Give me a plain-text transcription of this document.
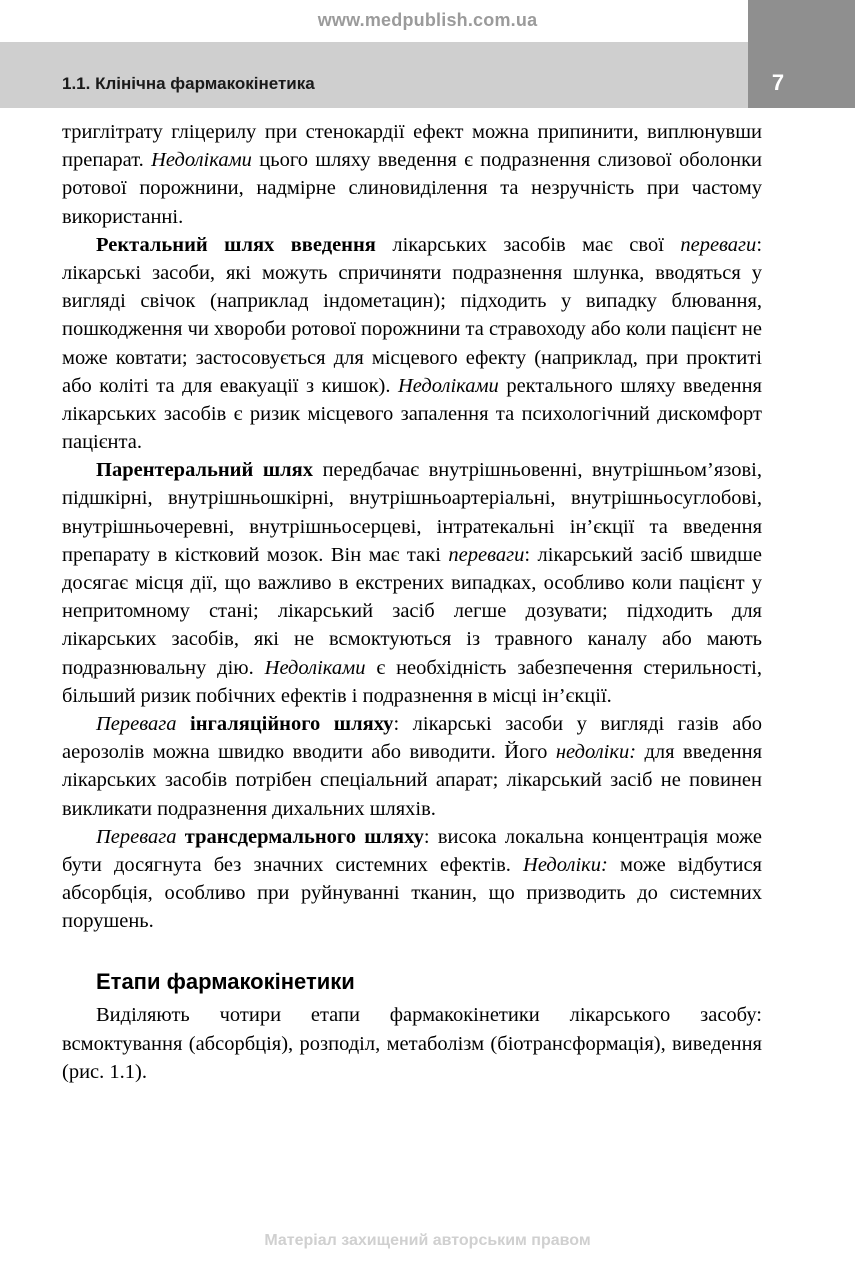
www.medpublish.com.ua
1.1. Клінічна фармакокінетика	7

триглітрату гліцерилу при стенокардії ефект можна припинити, виплюнувши препарат. Недоліками цього шляху введення є подразнення слизової оболонки ротової порожнини, надмірне слиновиділення та незручність при частому використанні.

Ректальний шлях введення лікарських засобів має свої переваги: лікарські засоби, які можуть спричиняти подразнення шлунка, вводяться у вигляді свічок (наприклад індометацин); підходить у випадку блювання, пошкодження чи хвороби ротової порожнини та стравоходу або коли пацієнт не може ковтати; застосовується для місцевого ефекту (наприклад, при проктиті або коліті та для евакуації з кишок). Недоліками ректального шляху введення лікарських засобів є ризик місцевого запалення та психологічний дискомфорт пацієнта.

Парентеральний шлях передбачає внутрішньовенні, внутрішньом’язові, підшкірні, внутрішньошкірні, внутрішньоартеріальні, внутрішньосуглобові, внутрішньочеревні, внутрішньосерцеві, інтратекальні ін’єкції та введення препарату в кістковий мозок. Він має такі переваги: лікарський засіб швидше досягає місця дії, що важливо в екстрених випадках, особливо коли пацієнт у непритомному стані; лікарський засіб легше дозувати; підходить для лікарських засобів, які не всмоктуються із травного каналу або мають подразнювальну дію. Недоліками є необхідність забезпечення стерильності, більший ризик побічних ефектів і подразнення в місці ін’єкції.

Перевага інгаляційного шляху: лікарські засоби у вигляді газів або аерозолів можна швидко вводити або виводити. Його недоліки: для введення лікарських засобів потрібен спеціальний апарат; лікарський засіб не повинен викликати подразнення дихальних шляхів.

Перевага трансдермального шляху: висока локальна концентрація може бути досягнута без значних системних ефектів. Недоліки: може відбутися абсорбція, особливо при руйнуванні тканин, що призводить до системних порушень.

Етапи фармакокінетики

Виділяють чотири етапи фармакокінетики лікарського засобу: всмоктування (абсорбція), розподіл, метаболізм (біотрансформація), виведення (рис. 1.1).

Матеріал захищений авторським правом
